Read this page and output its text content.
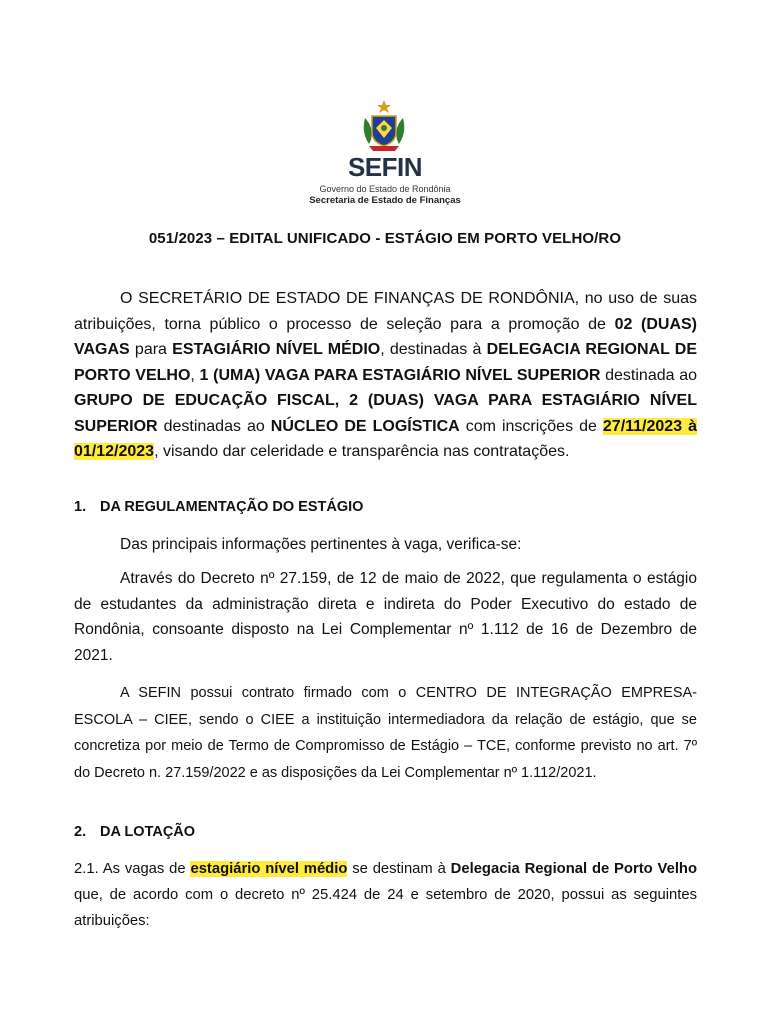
SEFIN
Governo do Estado de Rondônia
Secretaria de Estado de Finanças
051/2023 – EDITAL UNIFICADO - ESTÁGIO EM PORTO VELHO/RO
O SECRETÁRIO DE ESTADO DE FINANÇAS DE RONDÔNIA, no uso de suas atribuições, torna público o processo de seleção para a promoção de 02 (DUAS) VAGAS para ESTAGIÁRIO NÍVEL MÉDIO, destinadas à DELEGACIA REGIONAL DE PORTO VELHO, 1 (UMA) VAGA PARA ESTAGIÁRIO NÍVEL SUPERIOR destinada ao GRUPO DE EDUCAÇÃO FISCAL, 2 (DUAS) VAGA PARA ESTAGIÁRIO NÍVEL SUPERIOR destinadas ao NÚCLEO DE LOGÍSTICA com inscrições de 27/11/2023 à 01/12/2023, visando dar celeridade e transparência nas contratações.
1. DA REGULAMENTAÇÃO DO ESTÁGIO
Das principais informações pertinentes à vaga, verifica-se:
Através do Decreto nº 27.159, de 12 de maio de 2022, que regulamenta o estágio de estudantes da administração direta e indireta do Poder Executivo do estado de Rondônia, consoante disposto na Lei Complementar nº 1.112 de 16 de Dezembro de 2021.
A SEFIN possui contrato firmado com o CENTRO DE INTEGRAÇÃO EMPRESA-ESCOLA – CIEE, sendo o CIEE a instituição intermediadora da relação de estágio, que se concretiza por meio de Termo de Compromisso de Estágio – TCE, conforme previsto no art. 7º do Decreto n. 27.159/2022 e as disposições da Lei Complementar nº 1.112/2021.
2. DA LOTAÇÃO
2.1. As vagas de estagiário nível médio se destinam à Delegacia Regional de Porto Velho que, de acordo com o decreto nº 25.424 de 24 e setembro de 2020, possui as seguintes atribuições:
